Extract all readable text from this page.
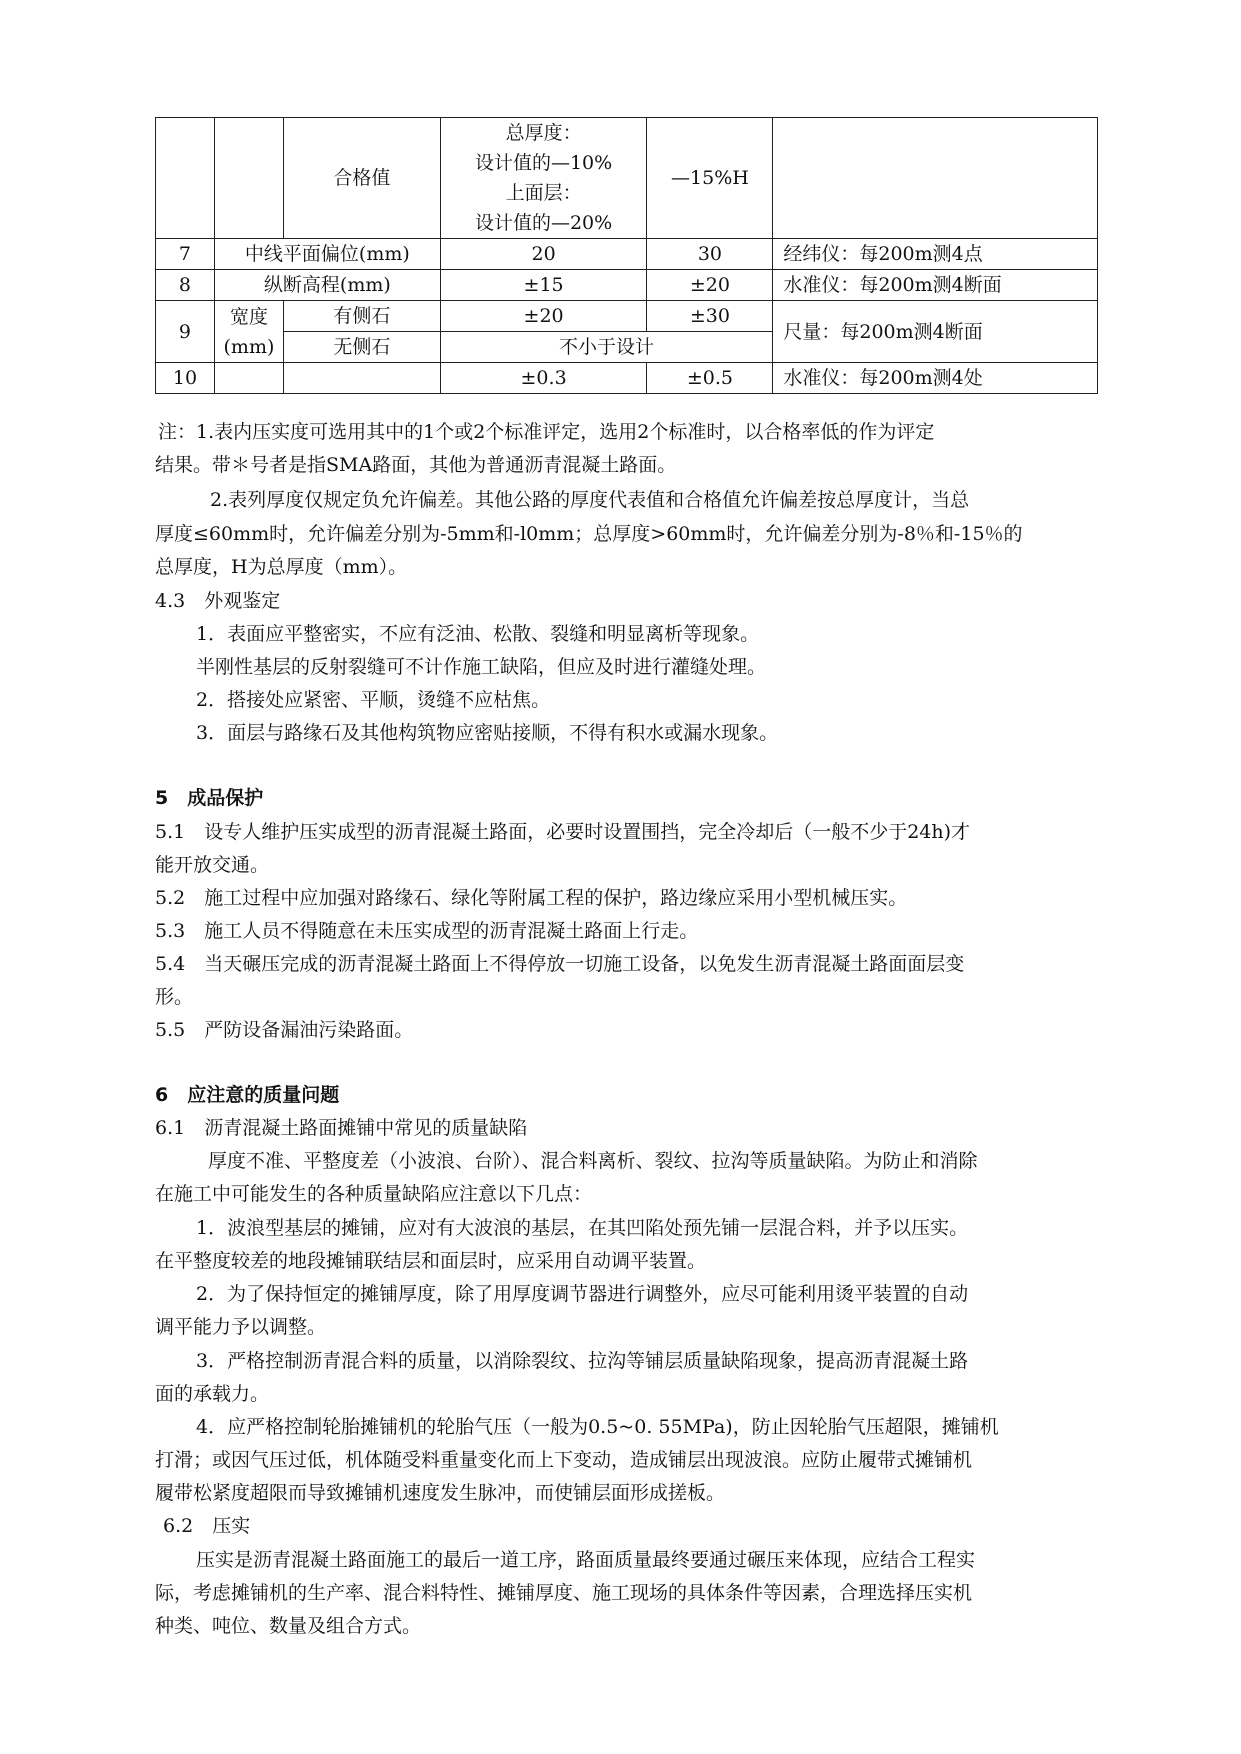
		合格值	总厚度：
设计值的—10%
上面层：
设计值的—20%	—15%H	
7	中线平面偏位(mm)		20	30	经纬仪：每200m测4点
8	纵断高程(mm)		±15	±20	水准仪：每200m测4断面
9	宽度
(mm)	有侧石	±20	±30	尺量：每200m测4断面
		无侧石	不小于设计		
10			±0.3	±0.5	水准仪：每200m测4处
注：1.表内压实度可选用其中的1个或2个标准评定，选用2个标准时，以合格率低的作为评定
结果。带＊号者是指SMA路面，其他为普通沥青混凝土路面。
2.表列厚度仅规定负允许偏差。其他公路的厚度代表值和合格值允许偏差按总厚度计，当总
厚度≤60mm时，允许偏差分别为-5mm和-l0mm；总厚度>60mm时，允许偏差分别为-8％和-15％的
总厚度，H为总厚度（mm）。
4.3　外观鉴定
1．表面应平整密实，不应有泛油、松散、裂缝和明显离析等现象。
半刚性基层的反射裂缝可不计作施工缺陷，但应及时进行灌缝处理。
2．搭接处应紧密、平顺，烫缝不应枯焦。
3．面层与路缘石及其他构筑物应密贴接顺，不得有积水或漏水现象。
5　成品保护
5.1　设专人维护压实成型的沥青混凝土路面，必要时设置围挡，完全冷却后（一般不少于24h)才
能开放交通。
5.2　施工过程中应加强对路缘石、绿化等附属工程的保护，路边缘应采用小型机械压实。
5.3　施工人员不得随意在未压实成型的沥青混凝土路面上行走。
5.4　当天碾压完成的沥青混凝土路面上不得停放一切施工设备，以免发生沥青混凝土路面面层变
形。
5.5　严防设备漏油污染路面。
6　应注意的质量问题
6.1　沥青混凝土路面摊铺中常见的质量缺陷
厚度不准、平整度差（小波浪、台阶）、混合料离析、裂纹、拉沟等质量缺陷。为防止和消除
在施工中可能发生的各种质量缺陷应注意以下几点：
1．波浪型基层的摊铺，应对有大波浪的基层，在其凹陷处预先铺一层混合料，并予以压实。
在平整度较差的地段摊铺联结层和面层时，应采用自动调平装置。
2．为了保持恒定的摊铺厚度，除了用厚度调节器进行调整外，应尽可能利用烫平装置的自动
调平能力予以调整。
3．严格控制沥青混合料的质量，以消除裂纹、拉沟等铺层质量缺陷现象，提高沥青混凝土路
面的承载力。
4．应严格控制轮胎摊铺机的轮胎气压（一般为0.5~0. 55MPa)，防止因轮胎气压超限，摊铺机
打滑；或因气压过低，机体随受料重量变化而上下变动，造成铺层出现波浪。应防止履带式摊铺机
履带松紧度超限而导致摊铺机速度发生脉冲，而使铺层面形成搓板。
6.2　压实
压实是沥青混凝土路面施工的最后一道工序，路面质量最终要通过碾压来体现，应结合工程实
际，考虑摊铺机的生产率、混合料特性、摊铺厚度、施工现场的具体条件等因素，合理选择压实机
种类、吨位、数量及组合方式。
